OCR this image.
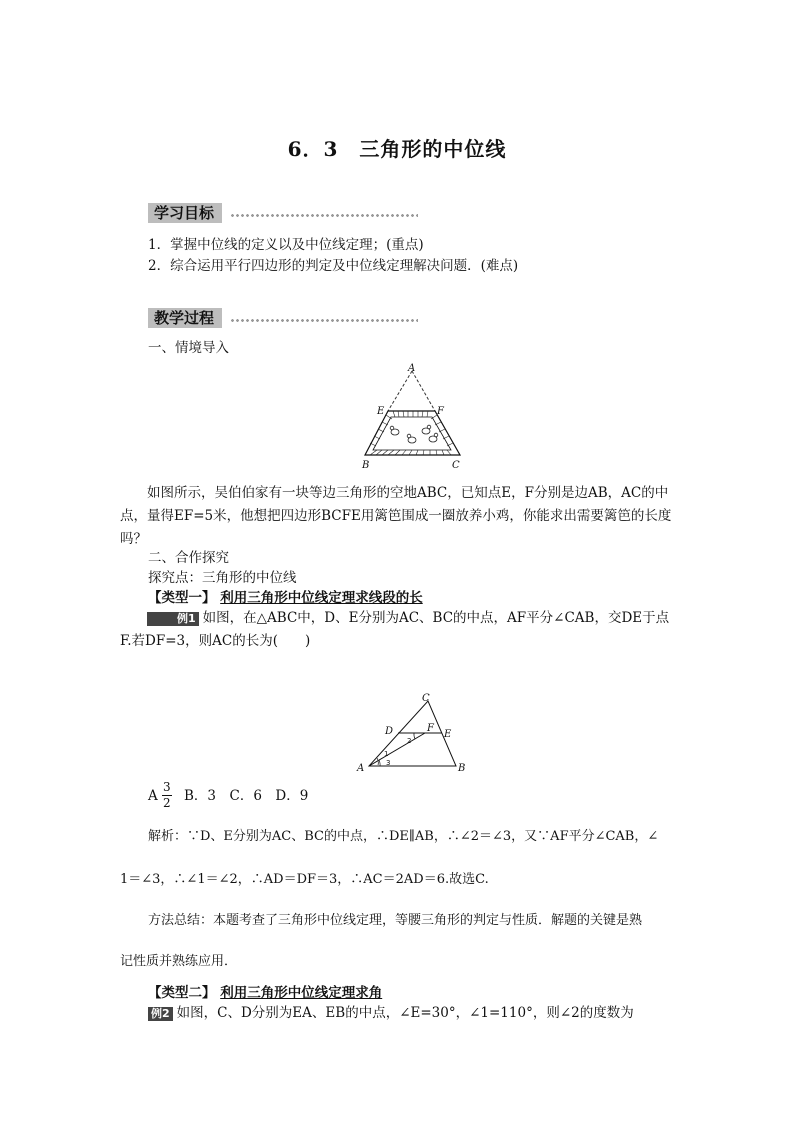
6．3　三角形的中位线
学习目标
1．掌握中位线的定义以及中位线定理；(重点)
2．综合运用平行四边形的判定及中位线定理解决问题．(难点)
教学过程
一、情境导入
A
E	F
B	C
如图所示，吴伯伯家有一块等边三角形的空地ABC，已知点E，F分别是边AB，AC的中点，量得EF=5米，他想把四边形BCFE用篱笆围成一圈放养小鸡，你能求出需要篱笆的长度吗？
二、合作探究
探究点：三角形的中位线
【类型一】 利用三角形中位线定理求线段的长
例1 如图，在△ABC中，D、E分别为AC、BC的中点，AF平分∠CAB，交DE于点F.若DF=3，则AC的长为(　　)
C
D	F
E
A	B
1
2
3
A $\frac{3}{2}$ B．3　C．6　D．9
解析：∵D、E分别为AC、BC的中点，∴DE∥AB，∴∠2＝∠3，又∵AF平分∠CAB，∠
1＝∠3，∴∠1＝∠2，∴AD＝DF＝3，∴AC＝2AD＝6.故选C.
方法总结：本题考查了三角形中位线定理，等腰三角形的判定与性质．解题的关键是熟
记性质并熟练应用．
【类型二】 利用三角形中位线定理求角
例2 如图，C、D分别为EA、EB的中点，∠E=30°，∠1=110°，则∠2的度数为
